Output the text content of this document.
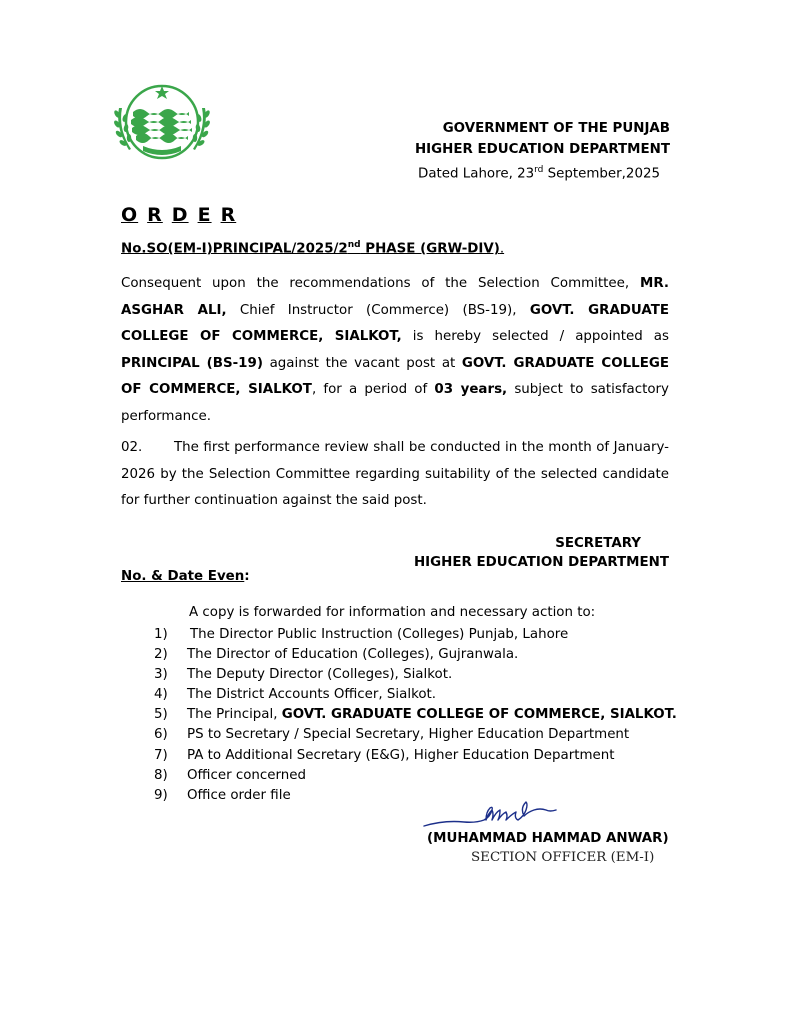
GOVERNMENT OF THE PUNJAB
HIGHER EDUCATION DEPARTMENT
Dated Lahore, 23rd September,2025
O R D E R
No.SO(EM-I)PRINCIPAL/2025/2nd PHASE (GRW-DIV).
Consequent upon the recommendations of the Selection Committee, MR. ASGHAR ALI, Chief Instructor (Commerce) (BS-19), GOVT. GRADUATE COLLEGE OF COMMERCE, SIALKOT, is hereby selected / appointed as PRINCIPAL (BS-19) against the vacant post at GOVT. GRADUATE COLLEGE OF COMMERCE, SIALKOT, for a period of 03 years, subject to satisfactory performance.
02. The first performance review shall be conducted in the month of January-2026 by the Selection Committee regarding suitability of the selected candidate for further continuation against the said post.
SECRETARY
HIGHER EDUCATION DEPARTMENT
No. & Date Even:
A copy is forwarded for information and necessary action to:
1) The Director Public Instruction (Colleges) Punjab, Lahore
2) The Director of Education (Colleges), Gujranwala.
3) The Deputy Director (Colleges), Sialkot.
4) The District Accounts Officer, Sialkot.
5) The Principal, GOVT. GRADUATE COLLEGE OF COMMERCE, SIALKOT.
6) PS to Secretary / Special Secretary, Higher Education Department
7) PA to Additional Secretary (E&G), Higher Education Department
8) Officer concerned
9) Office order file
(MUHAMMAD HAMMAD ANWAR)
SECTION OFFICER (EM-I)
